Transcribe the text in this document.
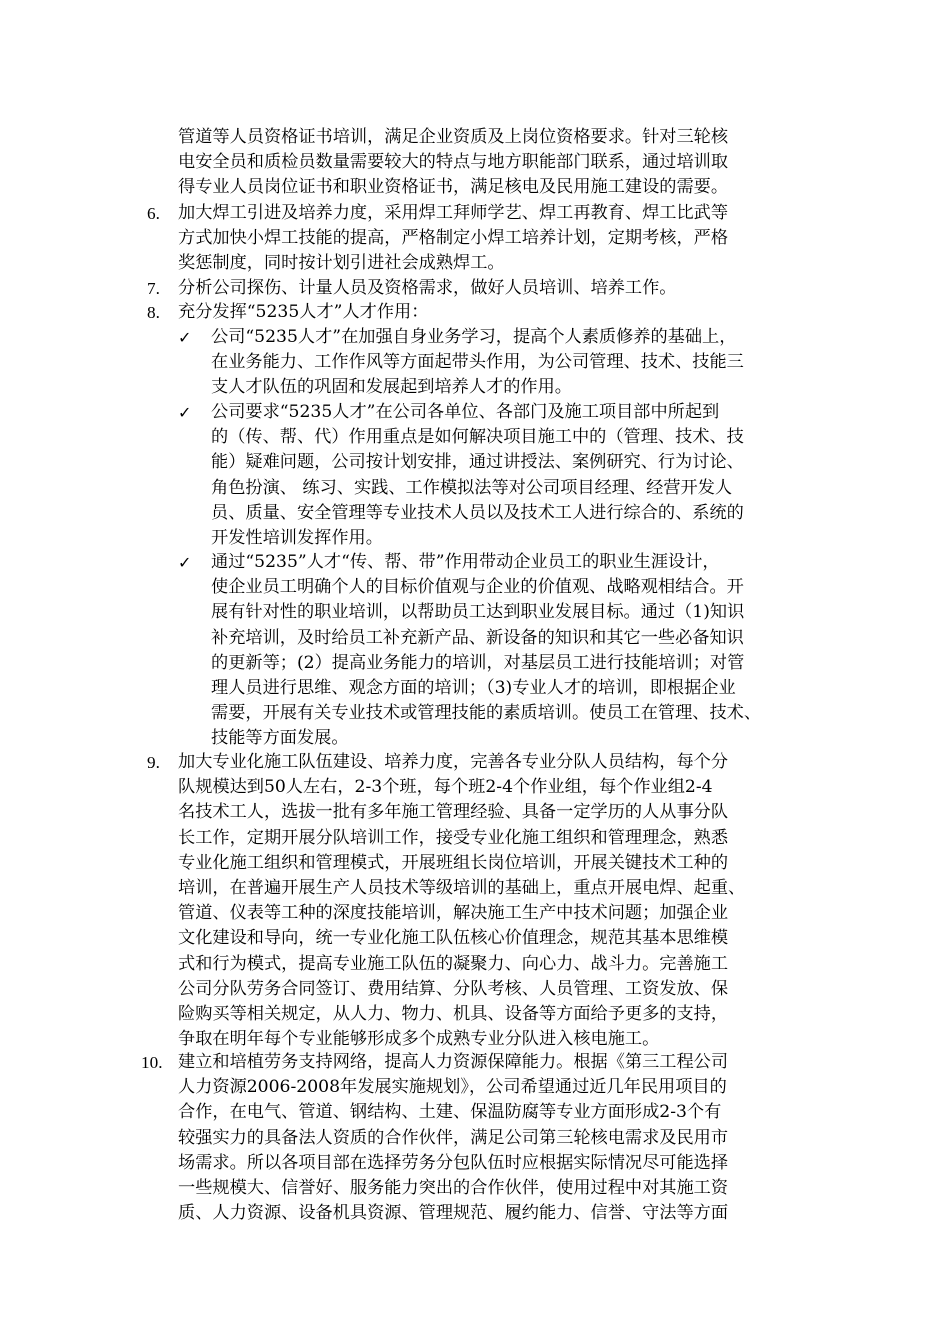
管道等人员资格证书培训，满足企业资质及上岗位资格要求。针对三轮核
电安全员和质检员数量需要较大的特点与地方职能部门联系，通过培训取
得专业人员岗位证书和职业资格证书，满足核电及民用施工建设的需要。
6.	加大焊工引进及培养力度，采用焊工拜师学艺、焊工再教育、焊工比武等
方式加快小焊工技能的提高，严格制定小焊工培养计划，定期考核，严格
奖惩制度，同时按计划引进社会成熟焊工。
7.	分析公司探伤、计量人员及资格需求，做好人员培训、培养工作。
8.	充分发挥“5235人才”人才作用：
✓	公司“5235人才”在加强自身业务学习，提高个人素质修养的基础上，
在业务能力、工作作风等方面起带头作用，为公司管理、技术、技能三
支人才队伍的巩固和发展起到培养人才的作用。
✓	公司要求“5235人才”在公司各单位、各部门及施工项目部中所起到
的（传、帮、代）作用重点是如何解决项目施工中的（管理、技术、技
能）疑难问题，公司按计划安排，通过讲授法、案例研究、行为讨论、
角色扮演、 练习、实践、工作模拟法等对公司项目经理、经营开发人
员、质量、安全管理等专业技术人员以及技术工人进行综合的、系统的
开发性培训发挥作用。
✓	通过“5235”人才“传、帮、带”作用带动企业员工的职业生涯设计，
使企业员工明确个人的目标价值观与企业的价值观、战略观相结合。开
展有针对性的职业培训，以帮助员工达到职业发展目标。通过（1)知识
补充培训，及时给员工补充新产品、新设备的知识和其它一些必备知识
的更新等；(2）提高业务能力的培训，对基层员工进行技能培训；对管
理人员进行思维、观念方面的培训；（3)专业人才的培训，即根据企业
需要，开展有关专业技术或管理技能的素质培训。使员工在管理、技术、
技能等方面发展。
9.	加大专业化施工队伍建设、培养力度，完善各专业分队人员结构，每个分
队规模达到50人左右，2-3个班，每个班2-4个作业组，每个作业组2-4
名技术工人，选拔一批有多年施工管理经验、具备一定学历的人从事分队
长工作，定期开展分队培训工作，接受专业化施工组织和管理理念，熟悉
专业化施工组织和管理模式，开展班组长岗位培训，开展关键技术工种的
培训，在普遍开展生产人员技术等级培训的基础上，重点开展电焊、起重、
管道、仪表等工种的深度技能培训，解决施工生产中技术问题；加强企业
文化建设和导向，统一专业化施工队伍核心价值理念，规范其基本思维模
式和行为模式，提高专业施工队伍的凝聚力、向心力、战斗力。完善施工
公司分队劳务合同签订、费用结算、分队考核、人员管理、工资发放、保
险购买等相关规定，从人力、物力、机具、设备等方面给予更多的支持，
争取在明年每个专业能够形成多个成熟专业分队进入核电施工。
10. 建立和培植劳务支持网络，提高人力资源保障能力。根据《第三工程公司
人力资源2006-2008年发展实施规划》，公司希望通过近几年民用项目的
合作，在电气、管道、钢结构、土建、保温防腐等专业方面形成2-3个有
较强实力的具备法人资质的合作伙伴，满足公司第三轮核电需求及民用市
场需求。所以各项目部在选择劳务分包队伍时应根据实际情况尽可能选择
一些规模大、信誉好、服务能力突出的合作伙伴，使用过程中对其施工资
质、人力资源、设备机具资源、管理规范、履约能力、信誉、守法等方面
